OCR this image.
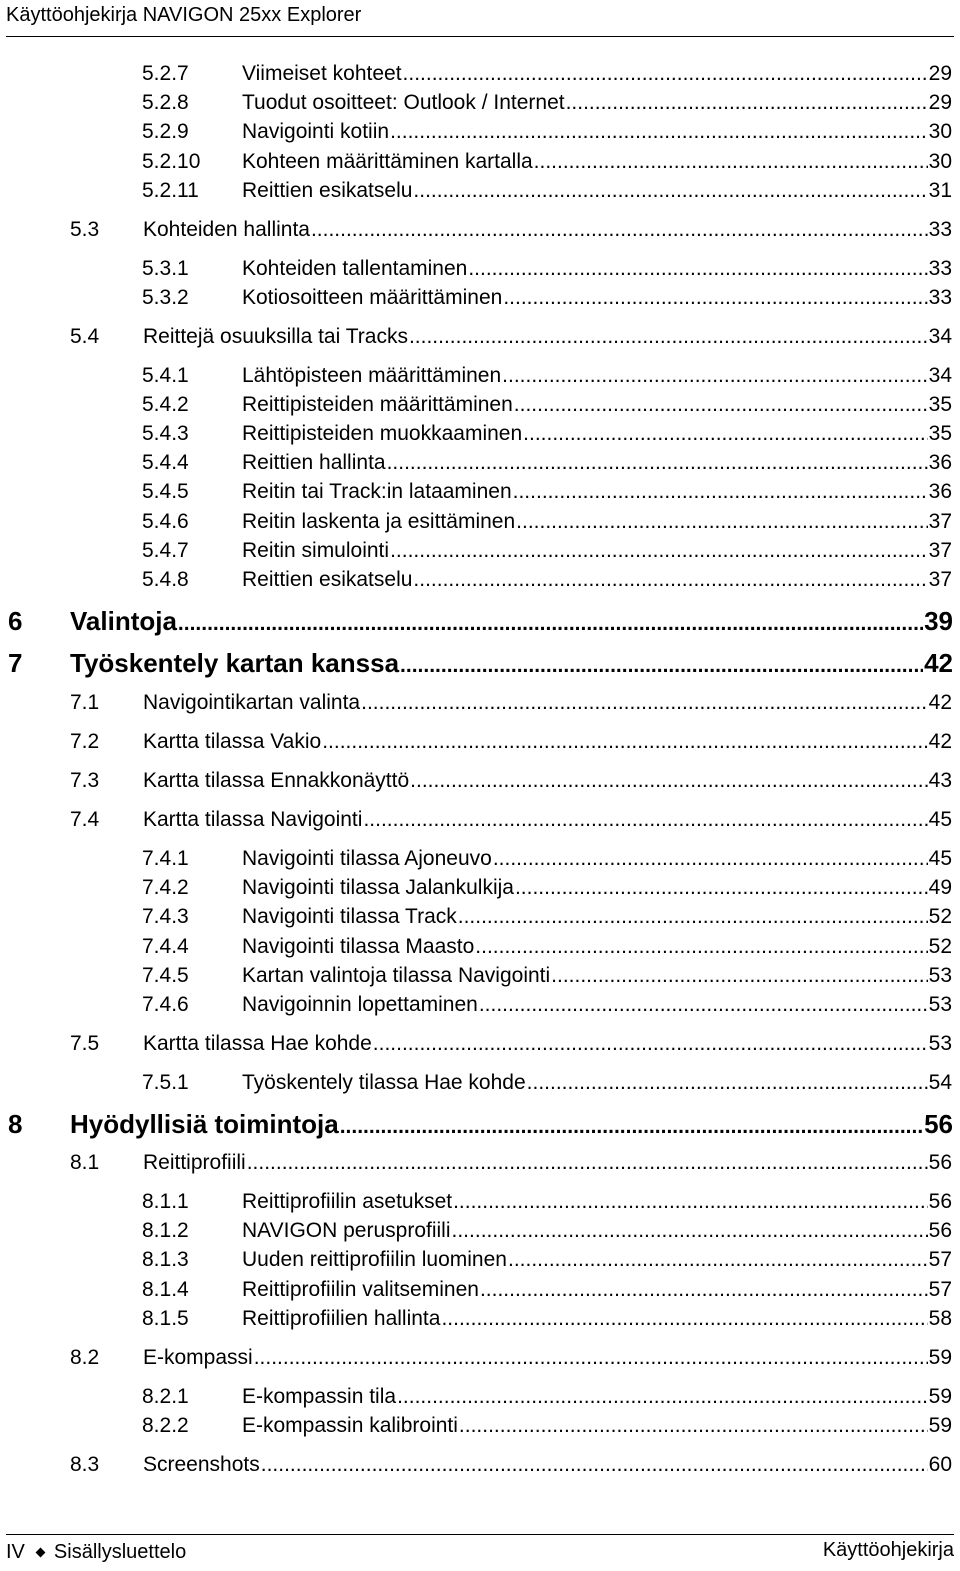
Käyttöohjekirja NAVIGON 25xx Explorer
5.2.7	Viimeiset kohteet .....	29
5.2.8	Tuodut osoitteet: Outlook / Internet .....	29
5.2.9	Navigointi kotiin .....	30
5.2.10	Kohteen määrittäminen kartalla .....	30
5.2.11	Reittien esikatselu .....	31
5.3	Kohteiden hallinta .....	33
5.3.1	Kohteiden tallentaminen .....	33
5.3.2	Kotiosoitteen määrittäminen .....	33
5.4	Reittejä osuuksilla tai Tracks .....	34
5.4.1	Lähtöpisteen määrittäminen .....	34
5.4.2	Reittipisteiden määrittäminen .....	35
5.4.3	Reittipisteiden muokkaaminen .....	35
5.4.4	Reittien hallinta .....	36
5.4.5	Reitin tai Track:in lataaminen .....	36
5.4.6	Reitin laskenta ja esittäminen .....	37
5.4.7	Reitin simulointi .....	37
5.4.8	Reittien esikatselu .....	37
6	Valintoja .....	39
7	Työskentely kartan kanssa .....	42
7.1	Navigointikartan valinta .....	42
7.2	Kartta tilassa Vakio .....	42
7.3	Kartta tilassa Ennakkonäyttö .....	43
7.4	Kartta tilassa Navigointi .....	45
7.4.1	Navigointi tilassa Ajoneuvo .....	45
7.4.2	Navigointi tilassa Jalankulkija .....	49
7.4.3	Navigointi tilassa Track .....	52
7.4.4	Navigointi tilassa Maasto .....	52
7.4.5	Kartan valintoja tilassa Navigointi .....	53
7.4.6	Navigoinnin lopettaminen .....	53
7.5	Kartta tilassa Hae kohde .....	53
7.5.1	Työskentely tilassa Hae kohde .....	54
8	Hyödyllisiä toimintoja .....	56
8.1	Reittiprofiili .....	56
8.1.1	Reittiprofiilin asetukset .....	56
8.1.2	NAVIGON perusprofiili .....	56
8.1.3	Uuden reittiprofiilin luominen .....	57
8.1.4	Reittiprofiilin valitseminen .....	57
8.1.5	Reittiprofiilien hallinta .....	58
8.2	E-kompassi .....	59
8.2.1	E-kompassin tila .....	59
8.2.2	E-kompassin kalibrointi .....	59
8.3	Screenshots .....	60
IV Sisällysluettelo	Käyttöohjekirja
